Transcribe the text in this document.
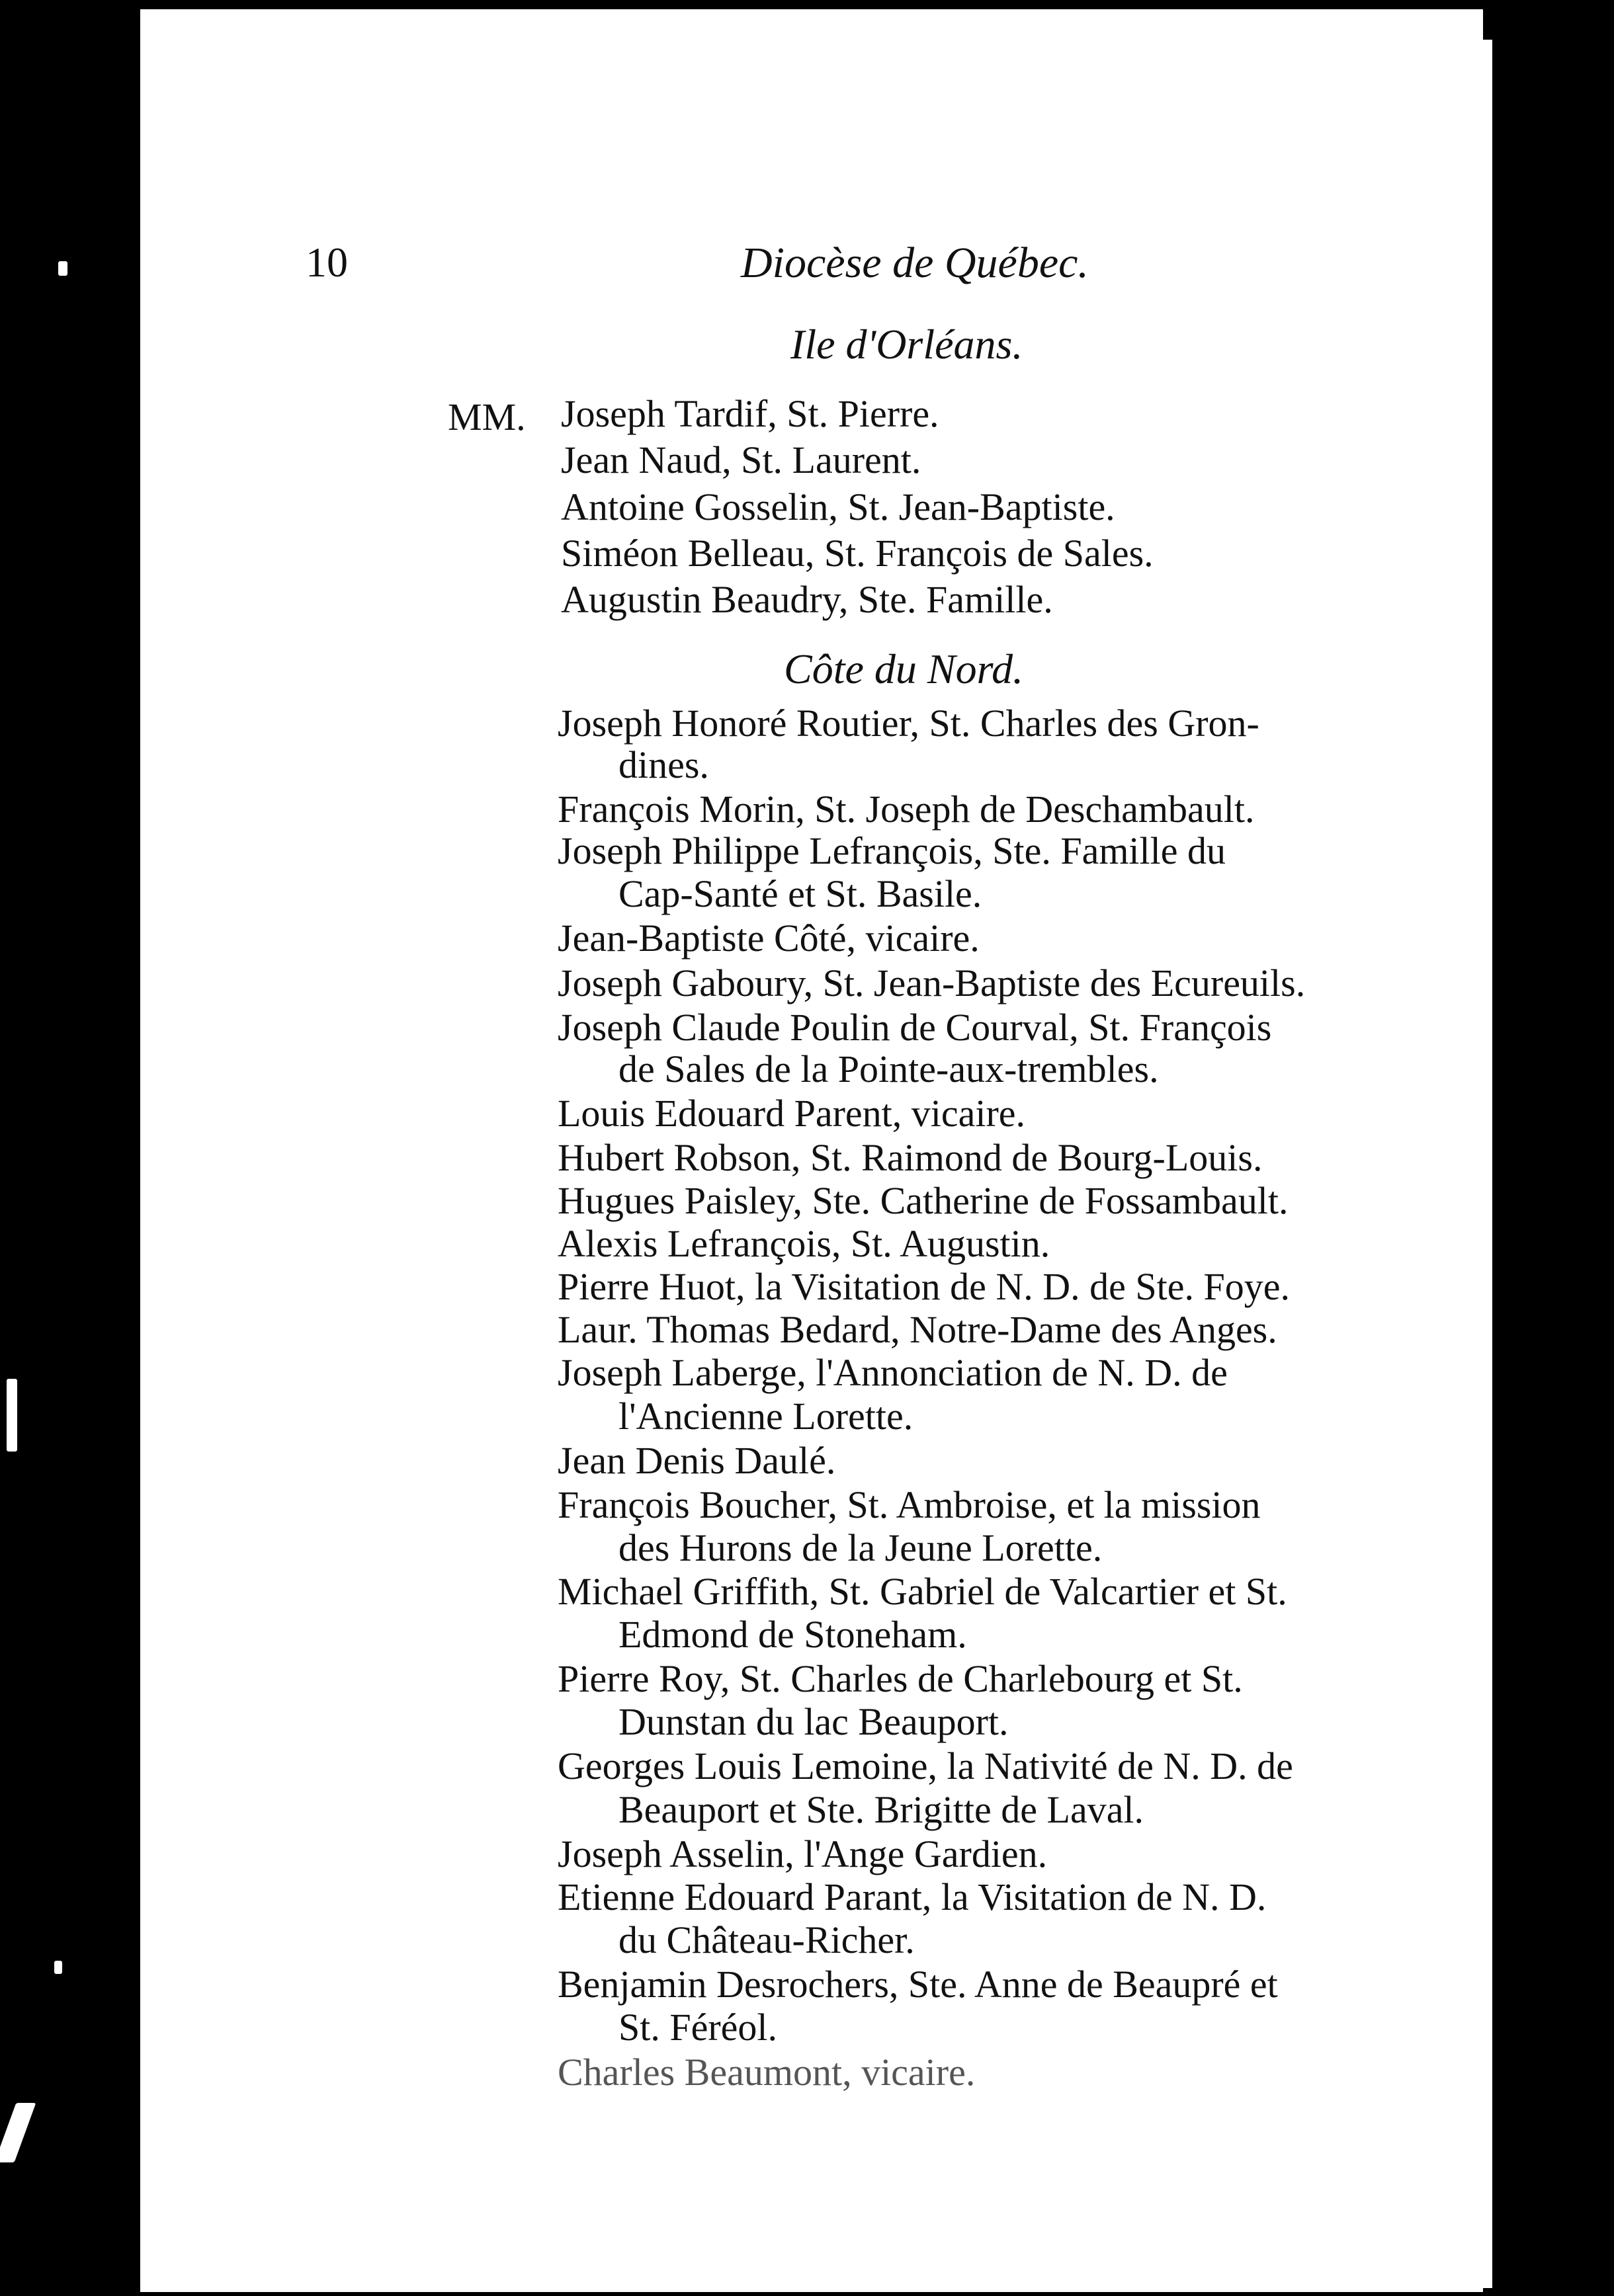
10	Diocèse de Québec.
Ile d'Orléans.
MM. Joseph Tardif, St. Pierre.
Jean Naud, St. Laurent.
Antoine Gosselin, St. Jean-Baptiste.
Siméon Belleau, St. François de Sales.
Augustin Beaudry, Ste. Famille.
Côte du Nord.
Joseph Honoré Routier, St. Charles des Gron-
dines.
François Morin, St. Joseph de Deschambault.
Joseph Philippe Lefrançois, Ste. Famille du
Cap-Santé et St. Basile.
Jean-Baptiste Côté, vicaire.
Joseph Gaboury, St. Jean-Baptiste des Ecureuils.
Joseph Claude Poulin de Courval, St. François
de Sales de la Pointe-aux-trembles.
Louis Edouard Parent, vicaire.
Hubert Robson, St. Raimond de Bourg-Louis.
Hugues Paisley, Ste. Catherine de Fossambault.
Alexis Lefrançois, St. Augustin.
Pierre Huot, la Visitation de N. D. de Ste. Foye.
Laur. Thomas Bedard, Notre-Dame des Anges.
Joseph Laberge, l'Annonciation de N. D. de
l'Ancienne Lorette.
Jean Denis Daulé.
François Boucher, St. Ambroise, et la mission
des Hurons de la Jeune Lorette.
Michael Griffith, St. Gabriel de Valcartier et St.
Edmond de Stoneham.
Pierre Roy, St. Charles de Charlebourg et St.
Dunstan du lac Beauport.
Georges Louis Lemoine, la Nativité de N. D. de
Beauport et Ste. Brigitte de Laval.
Joseph Asselin, l'Ange Gardien.
Etienne Edouard Parant, la Visitation de N. D.
du Château-Richer.
Benjamin Desrochers, Ste. Anne de Beaupré et
St. Féréol.
Charles Beaumont, vicaire.
